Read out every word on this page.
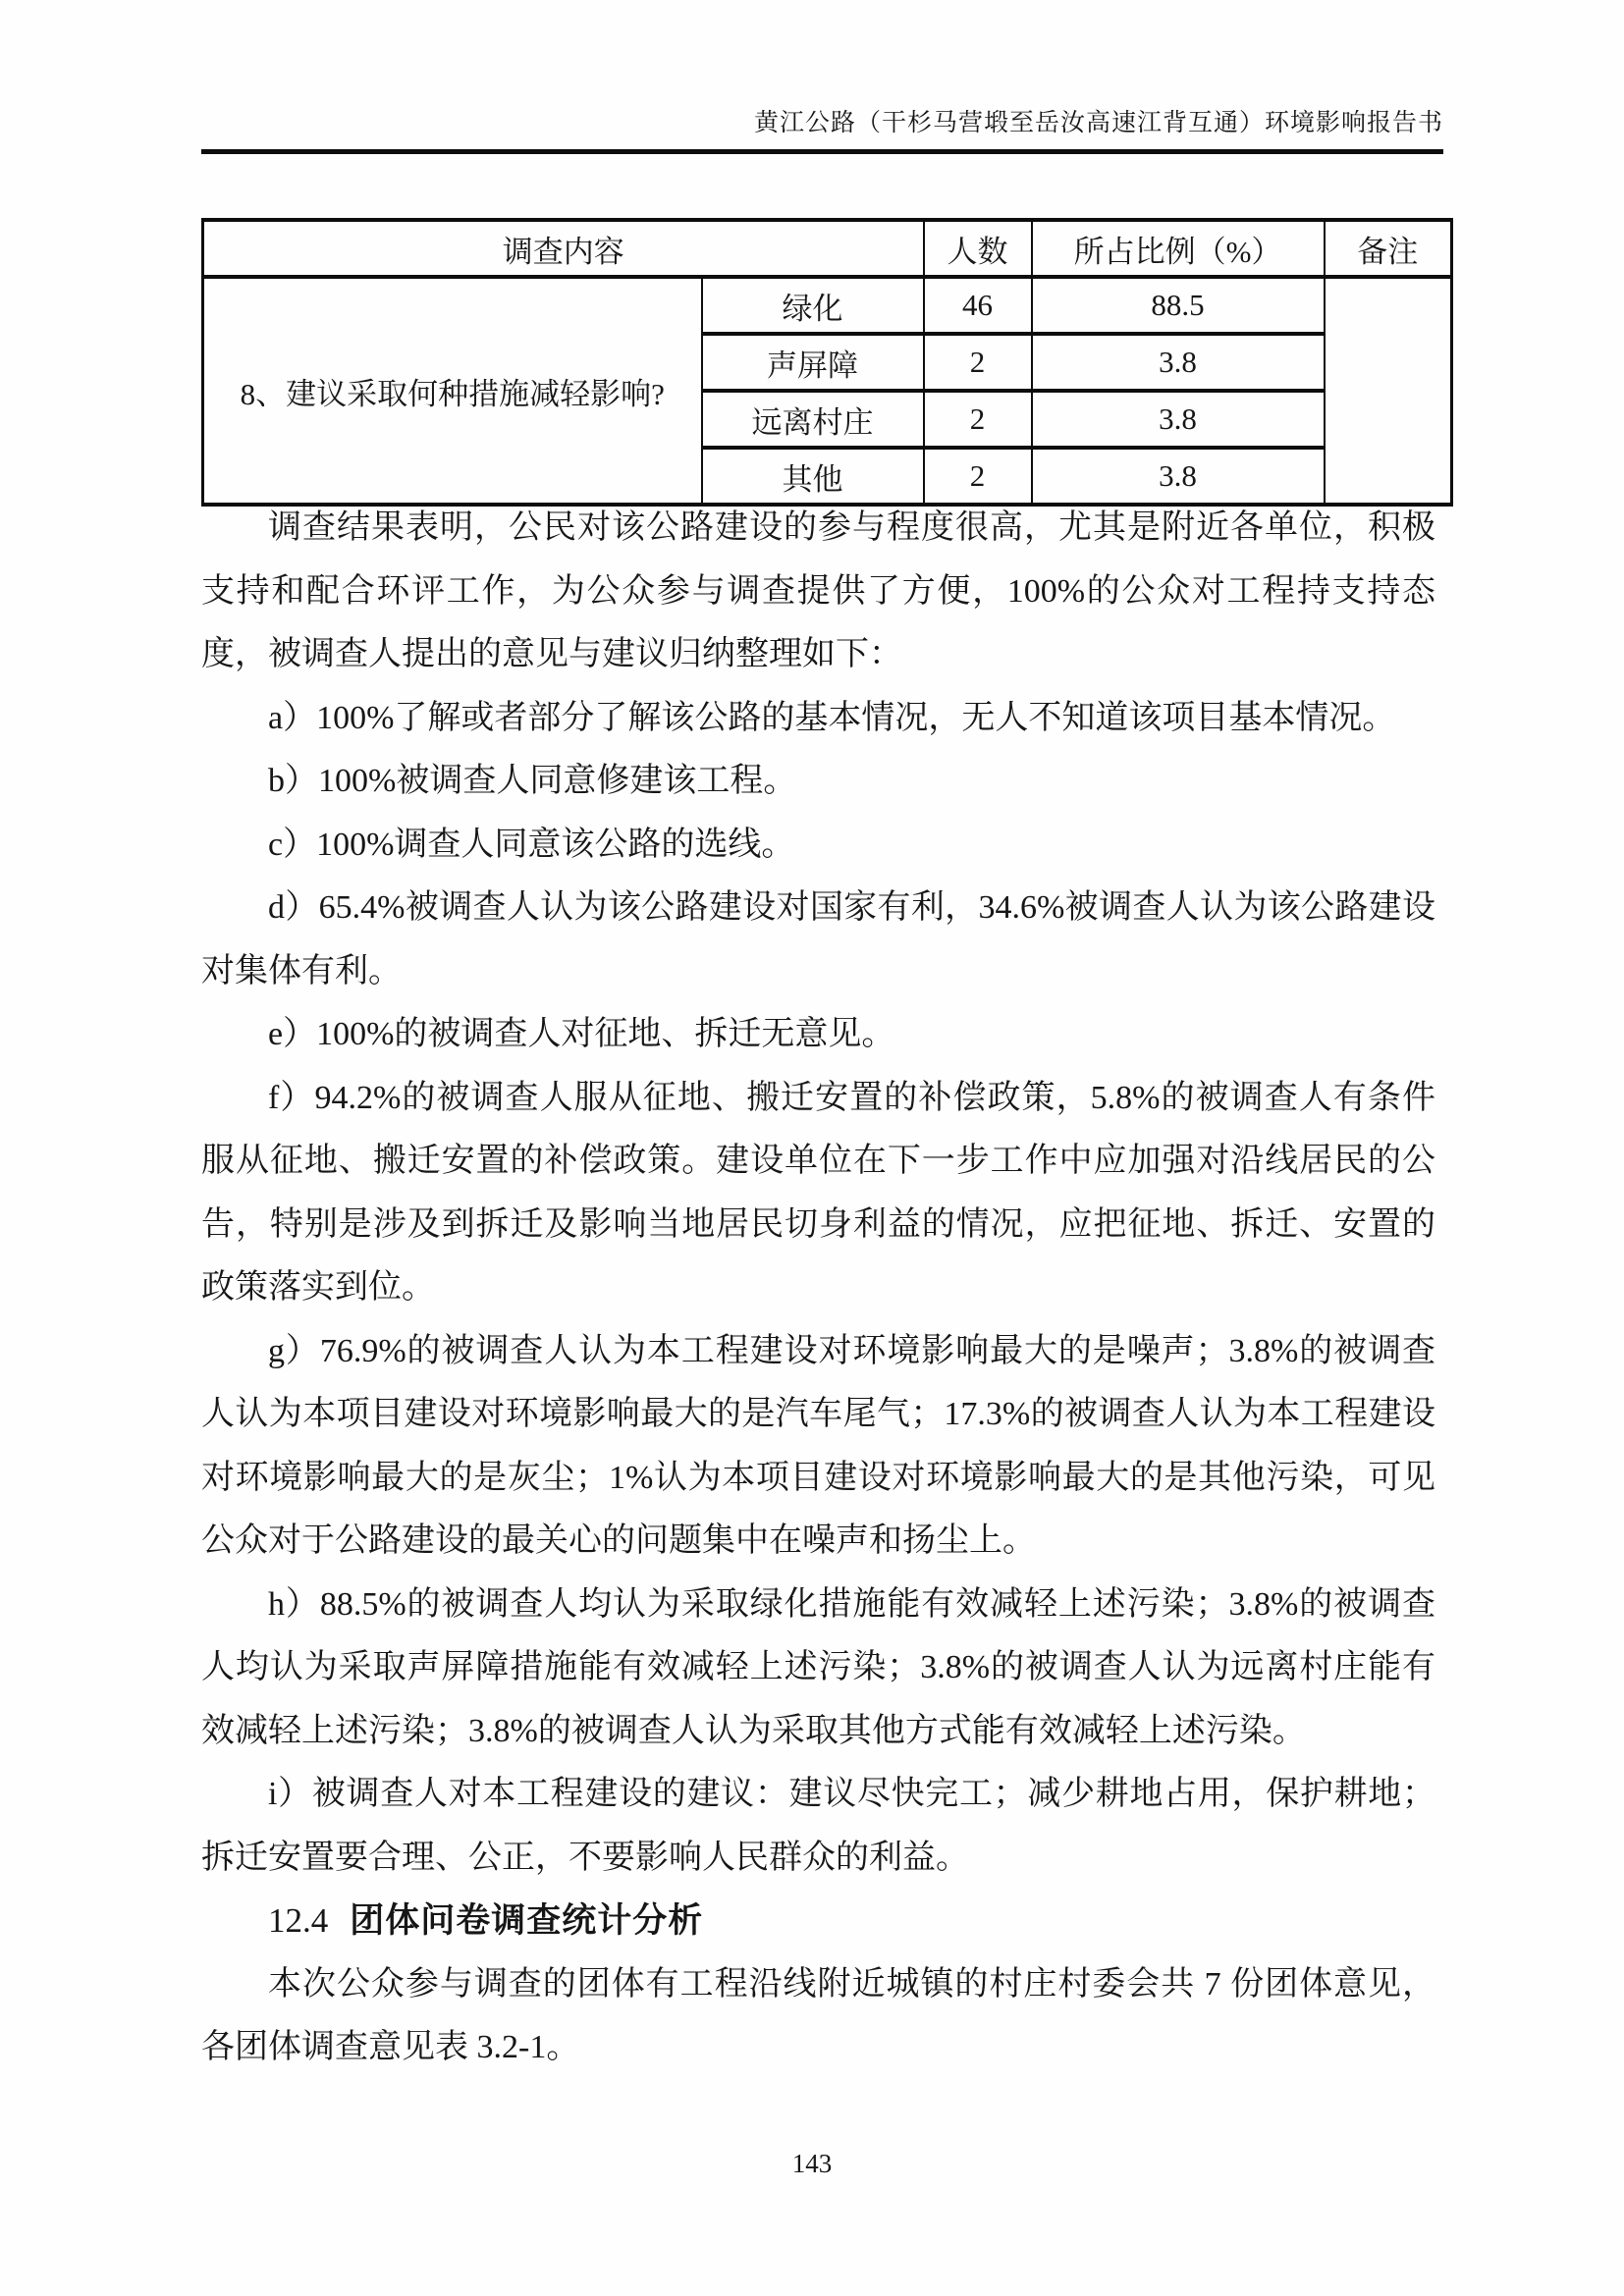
黄江公路（干杉马营塅至岳汝高速江背互通）环境影响报告书
调查内容		人数	所占比例（%）	备注
8、建议采取何种措施减轻影响?	绿化	46	88.5	
	声屏障	2	3.8	
	远离村庄	2	3.8	
	其他	2	3.8	

调查结果表明，公民对该公路建设的参与程度很高，尤其是附近各单位，积极支持和配合环评工作，为公众参与调查提供了方便，100%的公众对工程持支持态度，被调查人提出的意见与建议归纳整理如下：

a）100%了解或者部分了解该公路的基本情况，无人不知道该项目基本情况。

b）100%被调查人同意修建该工程。

c）100%调查人同意该公路的选线。

d）65.4%被调查人认为该公路建设对国家有利，34.6%被调查人认为该公路建设对集体有利。

e）100%的被调查人对征地、拆迁无意见。

f）94.2%的被调查人服从征地、搬迁安置的补偿政策，5.8%的被调查人有条件服从征地、搬迁安置的补偿政策。建设单位在下一步工作中应加强对沿线居民的公告，特别是涉及到拆迁及影响当地居民切身利益的情况，应把征地、拆迁、安置的政策落实到位。

g）76.9%的被调查人认为本工程建设对环境影响最大的是噪声；3.8%的被调查人认为本项目建设对环境影响最大的是汽车尾气；17.3%的被调查人认为本工程建设对环境影响最大的是灰尘；1%认为本项目建设对环境影响最大的是其他污染，可见公众对于公路建设的最关心的问题集中在噪声和扬尘上。

h）88.5%的被调查人均认为采取绿化措施能有效减轻上述污染；3.8%的被调查人均认为采取声屏障措施能有效减轻上述污染；3.8%的被调查人认为远离村庄能有效减轻上述污染；3.8%的被调查人认为采取其他方式能有效减轻上述污染。

i）被调查人对本工程建设的建议：建议尽快完工；减少耕地占用，保护耕地；拆迁安置要合理、公正，不要影响人民群众的利益。

12.4 团体问卷调查统计分析

本次公众参与调查的团体有工程沿线附近城镇的村庄村委会共 7 份团体意见，各团体调查意见表 3.2-1。

143
